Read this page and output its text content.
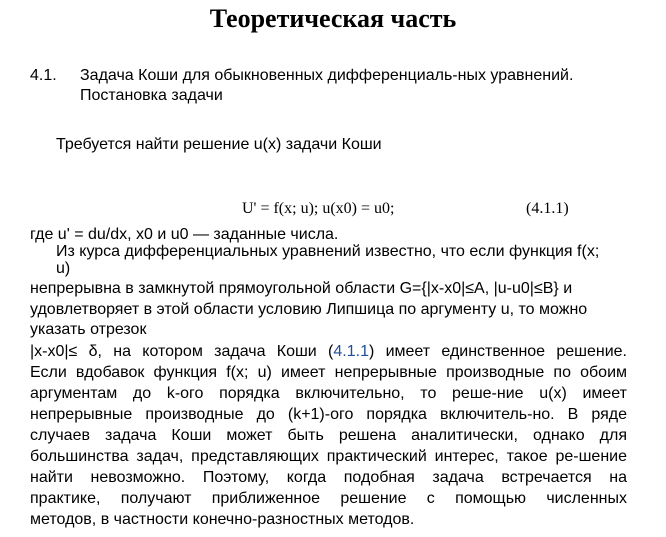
Теоретическая часть
4.1. Задача Коши для обыкновенных дифференциаль-ных уравнений.
Постановка задачи
Требуется найти решение u(x) задачи Коши
U' = f(x; u); u(x0) = u0;	(4.1.1)
где u' = du/dx, x0 и u0 — заданные числа.
Из курса дифференциальных уравнений известно, что если функция f(x;
u)
непрерывна в замкнутой прямоугольной области G={|x-x0|≤A, |u-u0|≤B} и
удовлетворяет в этой области условию Липшица по аргументу u, то можно
указать отрезок
|x-x0|≤ δ, на котором задача Коши (4.1.1) имеет единственное решение.
Если вдобавок функция f(x; u) имеет непрерывные производные по обоим
аргументам до k-ого порядка включительно, то реше-ние u(x) имеет
непрерывные производные до (k+1)-ого порядка включитель-но. В ряде
случаев задача Коши может быть решена аналитически, однако для
большинства задач, представляющих практический интерес, такое ре-шение
найти невозможно. Поэтому, когда подобная задача встречается на
практике, получают приближенное решение с помощью численных
методов, в частности конечно-разностных методов.
